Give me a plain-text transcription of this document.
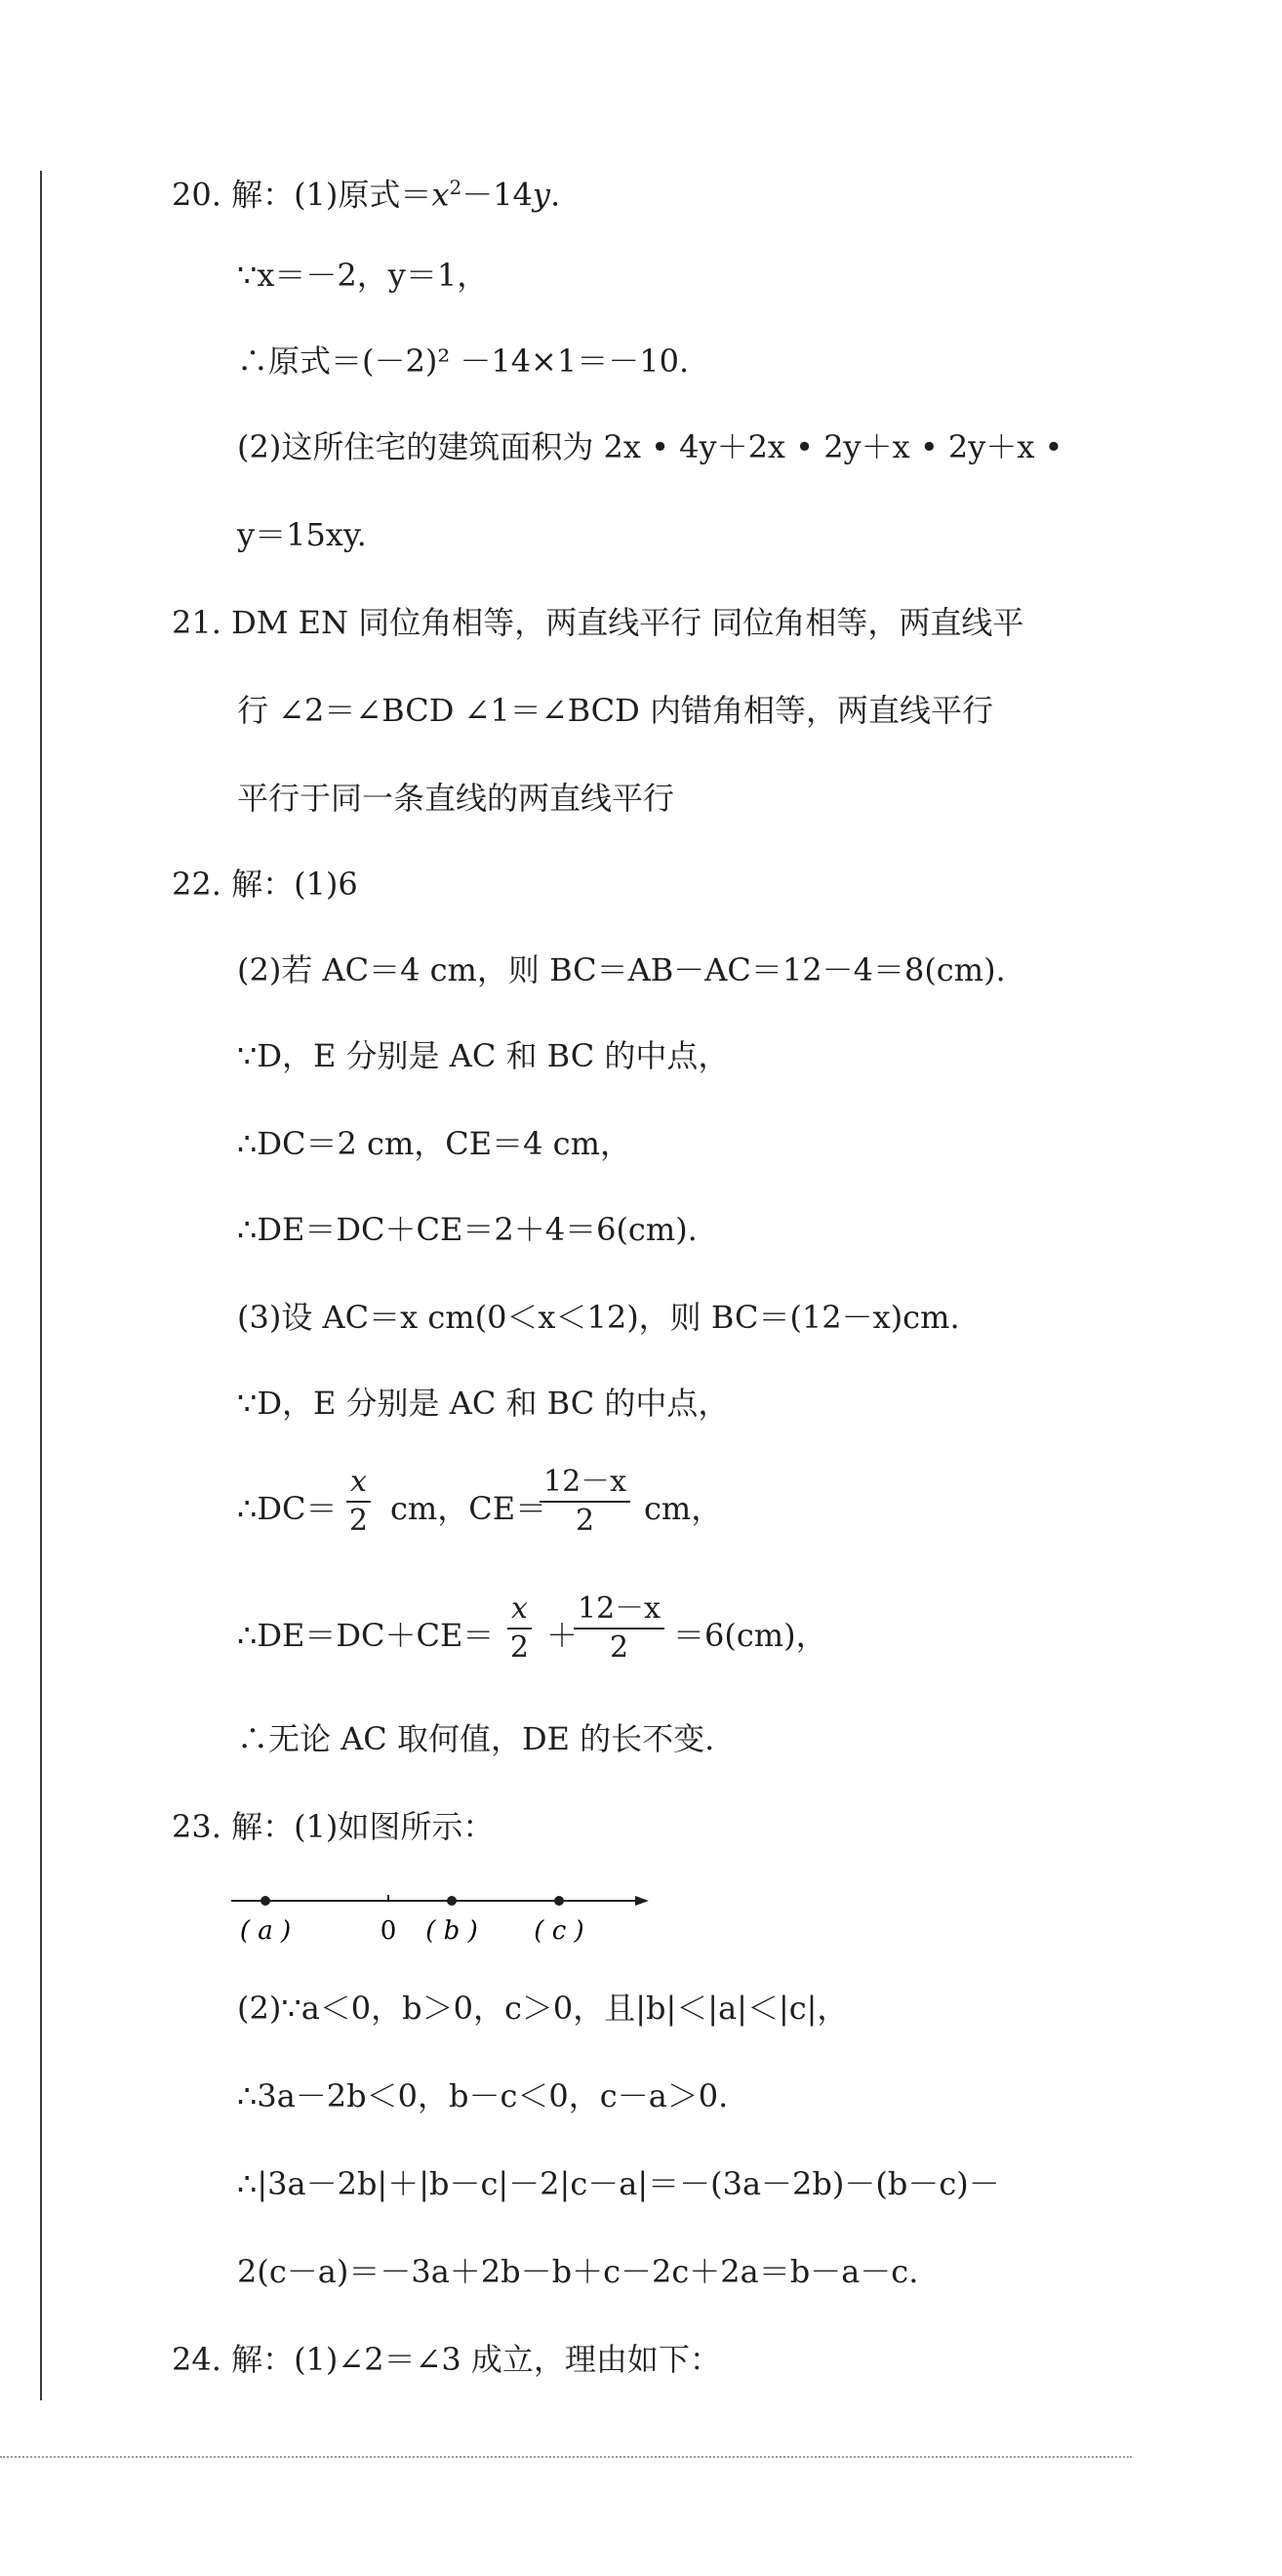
20. 解：(1)原式$=x^2-14y$.
∵x＝－2，y＝1，
∴原式＝(－2)² －14×1＝－10.
(2)这所住宅的建筑面积为 2x • 4y＋2x • 2y＋x • 2y＋x •
y＝15xy.
21. DM EN 同位角相等，两直线平行 同位角相等，两直线平
行 ∠2＝∠BCD ∠1＝∠BCD 内错角相等，两直线平行
平行于同一条直线的两直线平行
22. 解：(1)6
(2)若 AC＝4 cm，则 BC＝AB－AC＝12－4＝8(cm).
∵D，E 分别是 AC 和 BC 的中点，
∴DC＝2 cm，CE＝4 cm，
∴DE＝DC＋CE＝2＋4＝6(cm).
(3)设 AC＝x cm(0＜x＜12)，则 BC＝(12－x)cm.
∵D，E 分别是 AC 和 BC 的中点，
∴DC＝ $\frac{x}{2}$ cm，CE＝
$\frac{12-x}{2}$ cm，
∴DE＝DC＋CE＝ $\frac{x}{2}$ ＋
$\frac{12-x}{2} =6(cm)$，
∴无论 AC 取何值，DE 的长不变.
23. 解：(1)如图所示：
( a )	0 ( b ) ( c )
(2)∵a＜0，b＞0，c＞0，且|b|＜|a|＜|c|，
∴3a－2b＜0，b－c＜0，c－a＞0.
∴|3a－2b|＋|b－c|－2|c－a|＝－(3a－2b)－(b－c)－
2(c－a)＝－3a＋2b－b＋c－2c＋2a＝b－a－c.
24. 解：(1)∠2＝∠3 成立，理由如下：
